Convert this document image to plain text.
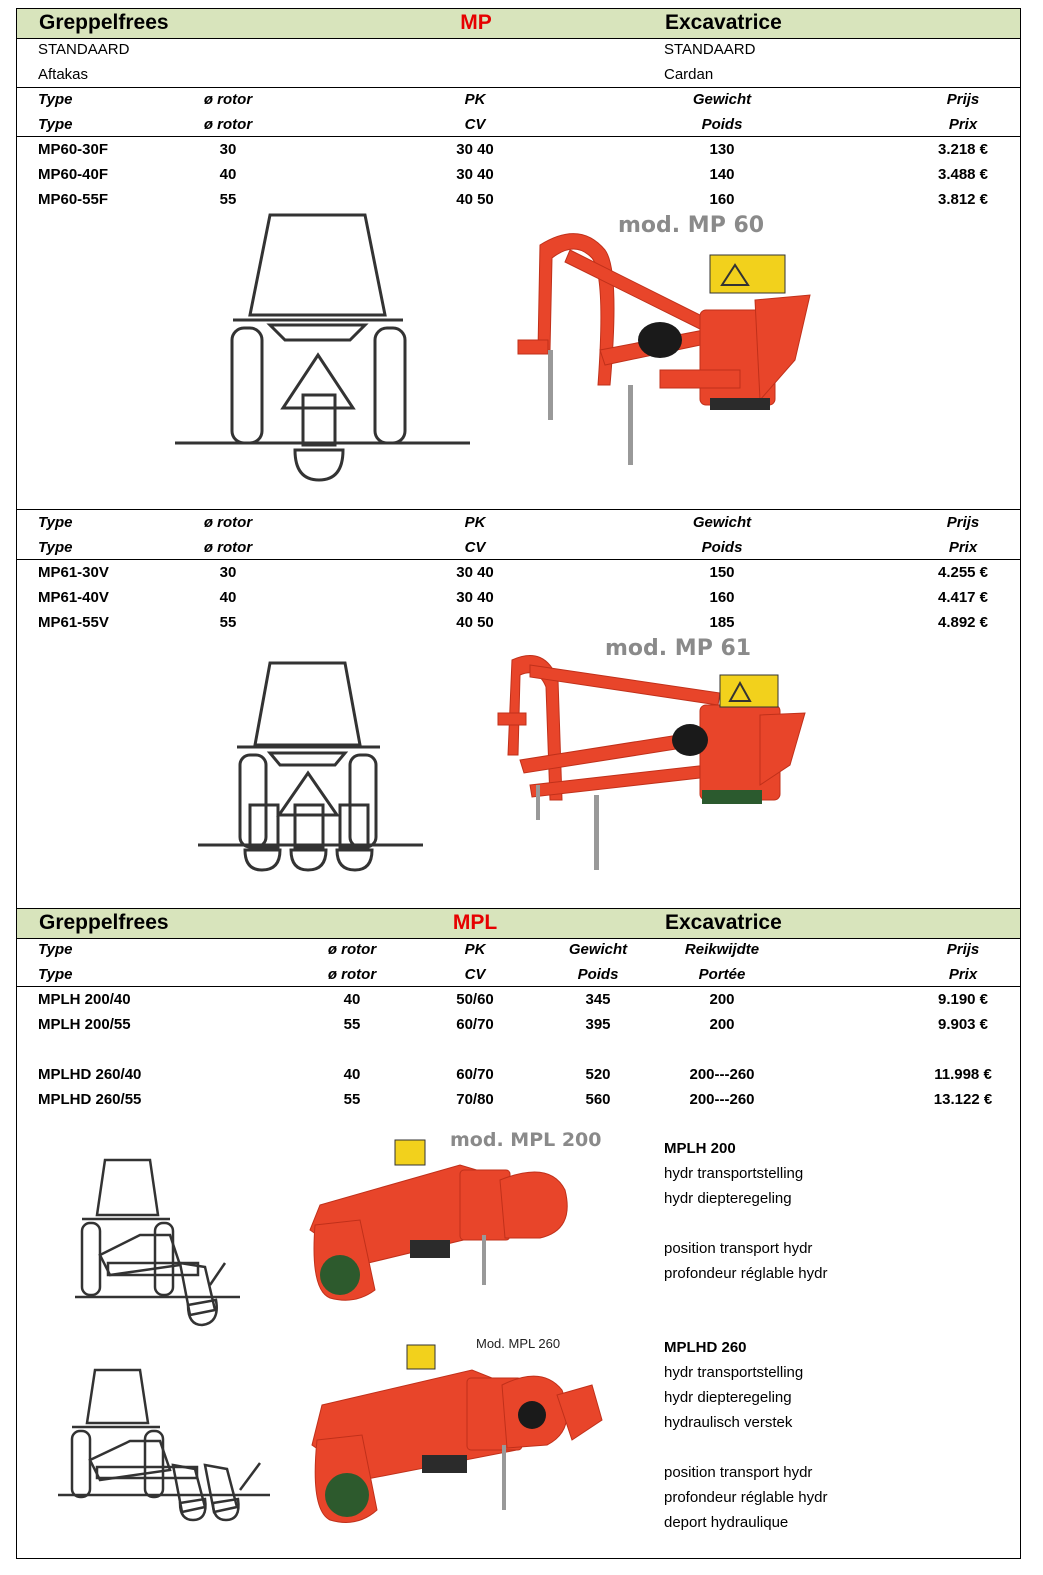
Greppelfrees	MP	Excavatrice
STANDAARD
Aftakas
STANDAARD
Cardan
Type	ø rotor	PK	Gewicht	Prijs
Type	ø rotor	CV	Poids	Prix
MP60-30F	30	30 40	130	3.218 €
MP60-40F	40	30 40	140	3.488 €
MP60-55F	55	40 50	160	3.812 €
mod. MP 60
Type	ø rotor	PK	Gewicht	Prijs
Type	ø rotor	CV	Poids	Prix
MP61-30V	30	30 40	150	4.255 €
MP61-40V	40	30 40	160	4.417 €
MP61-55V	55	40 50	185	4.892 €
mod. MP 61
Greppelfrees	MPL	Excavatrice
Type	ø rotor	PK	Gewicht	Reikwijdte	Prijs
Type	ø rotor	CV	Poids	Portée	Prix
MPLH 200/40	40	50/60	345	200	9.190 €
MPLH 200/55	55	60/70	395	200	9.903 €
MPLHD 260/40	40	60/70	520	200---260	11.998 €
MPLHD 260/55	55	70/80	560	200---260	13.122 €
mod. MPL 200	MPLH 200
hydr transportstelling
hydr diepteregeling
position transport hydr
profondeur réglable hydr
Mod. MPL 260	MPLHD 260
hydr transportstelling
hydr diepteregeling
hydraulisch verstek
position transport hydr
profondeur réglable hydr
deport hydraulique
